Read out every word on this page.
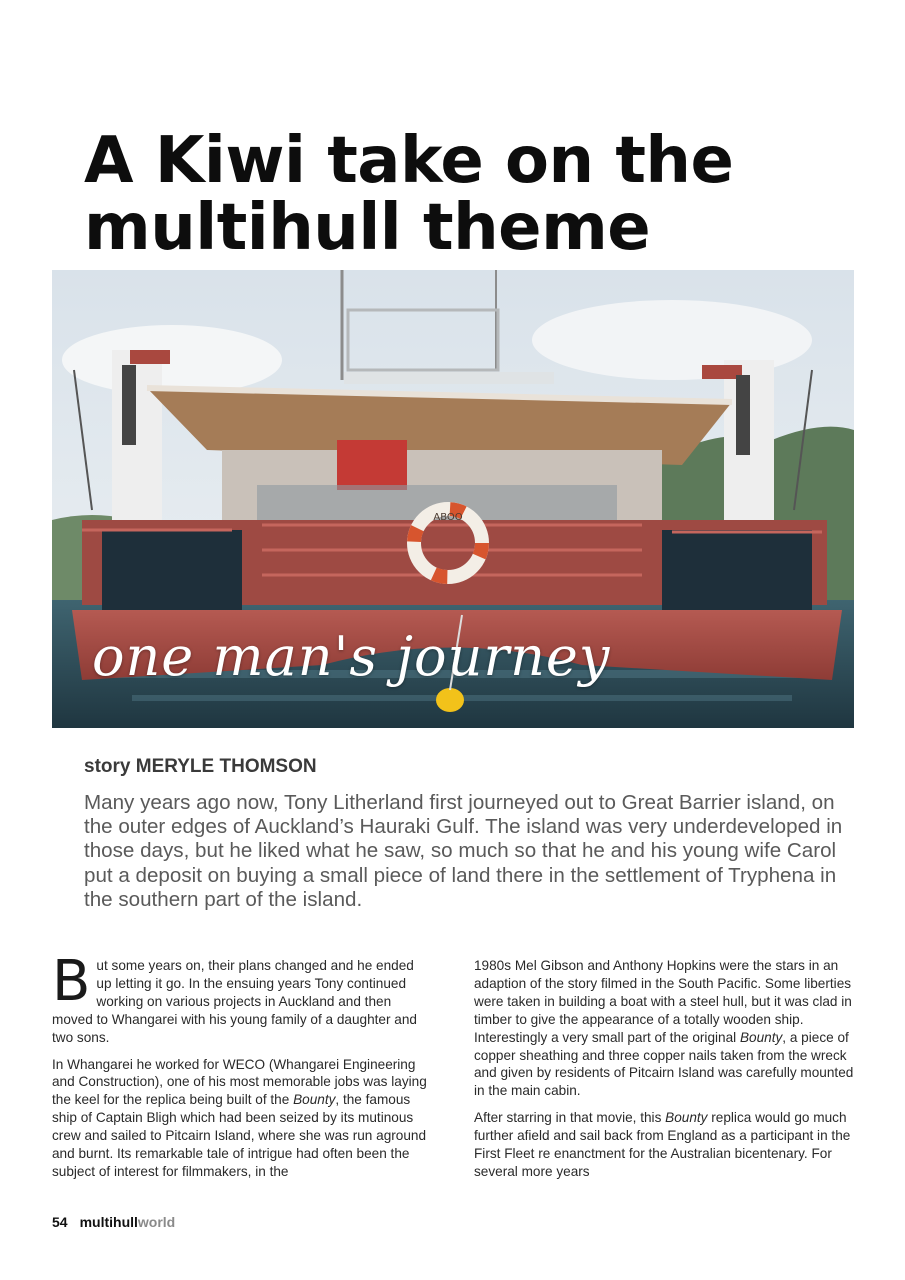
A Kiwi take on the
multihull theme
ABOO
one man's journey

story MERYLE THOMSON

Many years ago now, Tony Litherland first journeyed out to Great Barrier island, on the outer edges of Auckland’s Hauraki Gulf. The island was very underdeveloped in those days, but he liked what he saw, so much so that he and his young wife Carol put a deposit on buying a small piece of land there in the settlement of Tryphena in the southern part of the island.

But some years on, their plans changed and he ended up letting it go. In the ensuing years Tony continued working on various projects in Auckland and then moved to Whangarei with his young family of a daughter and two sons.

In Whangarei he worked for WECO (Whangarei Engineering and Construction), one of his most memorable jobs was laying the keel for the replica being built of the Bounty, the famous ship of Captain Bligh which had been seized by its mutinous crew and sailed to Pitcairn Island, where she was run aground and burnt. Its remarkable tale of intrigue had often been the subject of interest for filmmakers, in the

1980s Mel Gibson and Anthony Hopkins were the stars in an adaption of the story filmed in the South Pacific. Some liberties were taken in building a boat with a steel hull, but it was clad in timber to give the appearance of a totally wooden ship. Interestingly a very small part of the original Bounty, a piece of copper sheathing and three copper nails taken from the wreck and given by residents of Pitcairn Island was carefully mounted in the main cabin.

After starring in that movie, this Bounty replica would go much further afield and sail back from England as a participant in the First Fleet re enanctment for the Australian bicentenary. For several more years

54 multihullworld
